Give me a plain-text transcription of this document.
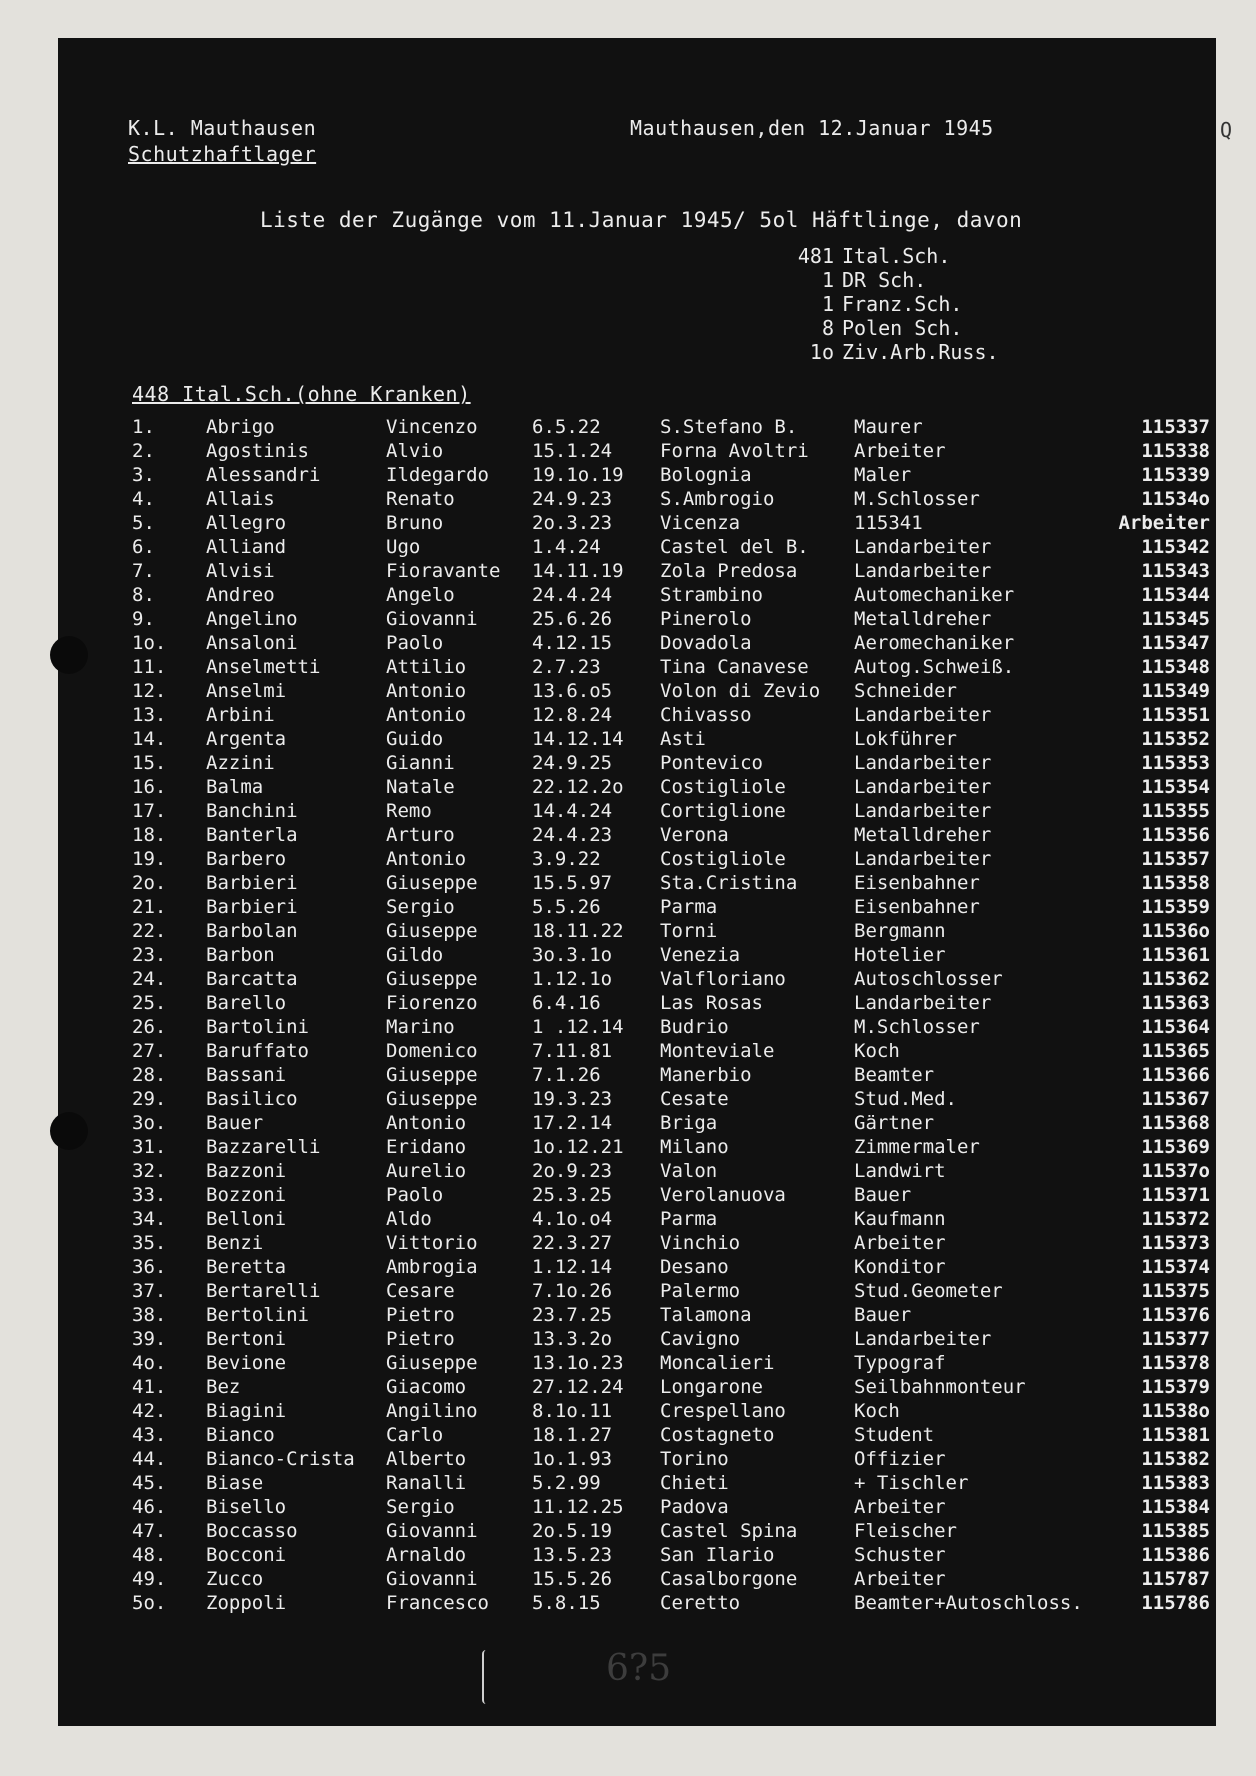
Q
K.L. Mauthausen
Schutzhaftlager
Mauthausen,den 12.Januar 1945
Liste der Zugänge vom 11.Januar 1945/ 5ol Häftlinge, davon
481 Ital.Sch.
1 DR Sch.
1 Franz.Sch.
8 Polen Sch.
1o Ziv.Arb.Russ.
448 Ital.Sch.(ohne Kranken)
1.	Abrigo	Vincenzo	6.5.22	S.Stefano B.	Maurer	115337
2.	Agostinis	Alvio	15.1.24	Forna Avoltri	Arbeiter	115338
3.	Alessandri	Ildegardo	19.1o.19	Bolognia	Maler	115339
4.	Allais	Renato	24.9.23	S.Ambrogio	M.Schlosser	11534o
5.	Allegro	Bruno	2o.3.23	Vicenza	115341	Arbeiter
6.	Alliand	Ugo	1.4.24	Castel del B.	Landarbeiter	115342
7.	Alvisi	Fioravante	14.11.19	Zola Predosa	Landarbeiter	115343
8.	Andreo	Angelo	24.4.24	Strambino	Automechaniker	115344
9.	Angelino	Giovanni	25.6.26	Pinerolo	Metalldreher	115345
1o.	Ansaloni	Paolo	4.12.15	Dovadola	Aeromechaniker	115347
11.	Anselmetti	Attilio	2.7.23	Tina Canavese	Autog.Schweiß.	115348
12.	Anselmi	Antonio	13.6.o5	Volon di Zevio	Schneider	115349
13.	Arbini	Antonio	12.8.24	Chivasso	Landarbeiter	115351
14.	Argenta	Guido	14.12.14	Asti	Lokführer	115352
15.	Azzini	Gianni	24.9.25	Pontevico	Landarbeiter	115353
16.	Balma	Natale	22.12.2o	Costigliole	Landarbeiter	115354
17.	Banchini	Remo	14.4.24	Cortiglione	Landarbeiter	115355
18.	Banterla	Arturo	24.4.23	Verona	Metalldreher	115356
19.	Barbero	Antonio	3.9.22	Costigliole	Landarbeiter	115357
2o.	Barbieri	Giuseppe	15.5.97	Sta.Cristina	Eisenbahner	115358
21.	Barbieri	Sergio	5.5.26	Parma	Eisenbahner	115359
22.	Barbolan	Giuseppe	18.11.22	Torni	Bergmann	11536o
23.	Barbon	Gildo	3o.3.1o	Venezia	Hotelier	115361
24.	Barcatta	Giuseppe	1.12.1o	Valfloriano	Autoschlosser	115362
25.	Barello	Fiorenzo	6.4.16	Las Rosas	Landarbeiter	115363
26.	Bartolini	Marino	1 .12.14	Budrio	M.Schlosser	115364
27.	Baruffato	Domenico	7.11.81	Monteviale	Koch	115365
28.	Bassani	Giuseppe	7.1.26	Manerbio	Beamter	115366
29.	Basilico	Giuseppe	19.3.23	Cesate	Stud.Med.	115367
3o.	Bauer	Antonio	17.2.14	Briga	Gärtner	115368
31.	Bazzarelli	Eridano	1o.12.21	Milano	Zimmermaler	115369
32.	Bazzoni	Aurelio	2o.9.23	Valon	Landwirt	11537o
33.	Bozzoni	Paolo	25.3.25	Verolanuova	Bauer	115371
34.	Belloni	Aldo	4.1o.o4	Parma	Kaufmann	115372
35.	Benzi	Vittorio	22.3.27	Vinchio	Arbeiter	115373
36.	Beretta	Ambrogia	1.12.14	Desano	Konditor	115374
37.	Bertarelli	Cesare	7.1o.26	Palermo	Stud.Geometer	115375
38.	Bertolini	Pietro	23.7.25	Talamona	Bauer	115376
39.	Bertoni	Pietro	13.3.2o	Cavigno	Landarbeiter	115377
4o.	Bevione	Giuseppe	13.1o.23	Moncalieri	Typograf	115378
41.	Bez	Giacomo	27.12.24	Longarone	Seilbahnmonteur	115379
42.	Biagini	Angilino	8.1o.11	Crespellano	Koch	11538o
43.	Bianco	Carlo	18.1.27	Costagneto	Student	115381
44.	Bianco-Crista	Alberto	1o.1.93	Torino	Offizier	115382
45.	Biase	Ranalli	5.2.99	Chieti	+ Tischler	115383
46.	Bisello	Sergio	11.12.25	Padova	Arbeiter	115384
47.	Boccasso	Giovanni	2o.5.19	Castel Spina	Fleischer	115385
48.	Bocconi	Arnaldo	13.5.23	San Ilario	Schuster	115386
49.	Zucco	Giovanni	15.5.26	Casalborgone	Arbeiter	115787
5o.	Zoppoli	Francesco	5.8.15	Ceretto	Beamter+Autoschloss.	115786
6?5
